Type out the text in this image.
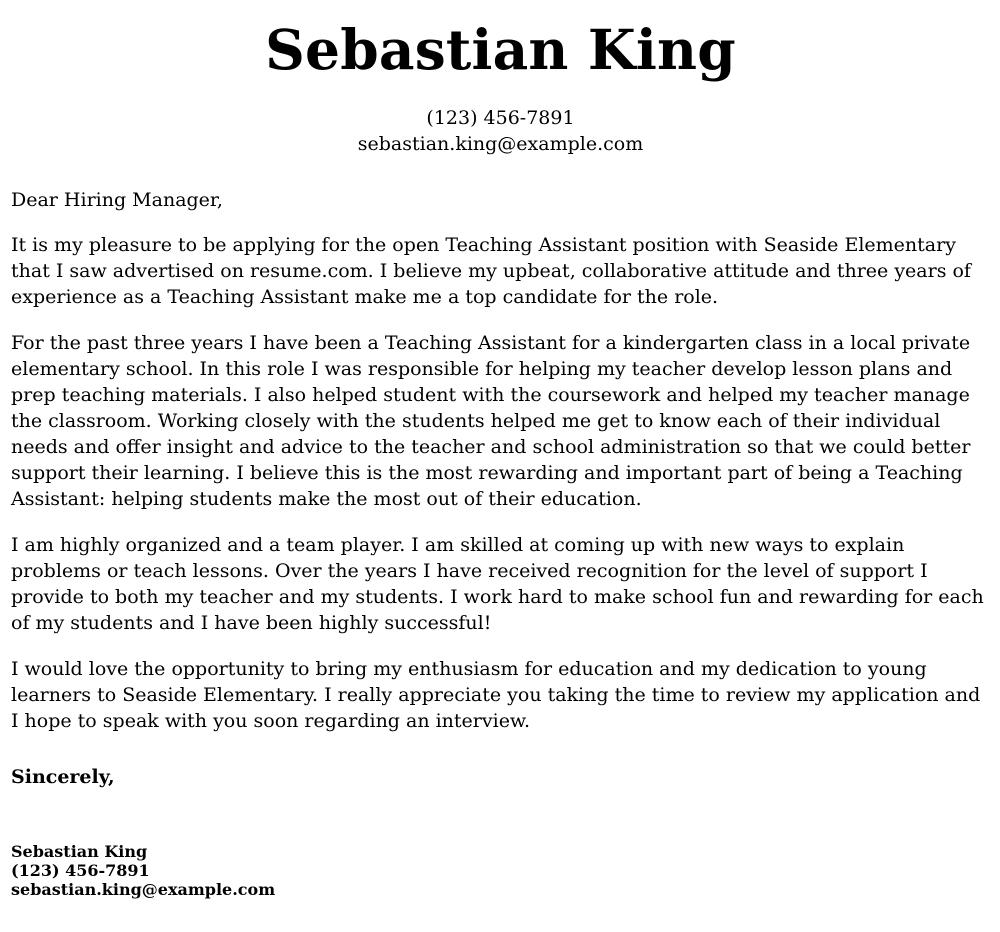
Sebastian King
(123) 456-7891
sebastian.king@example.com

Dear Hiring Manager,

It is my pleasure to be applying for the open Teaching Assistant position with Seaside Elementary that I saw advertised on resume.com. I believe my upbeat, collaborative attitude and three years of experience as a Teaching Assistant make me a top candidate for the role.

For the past three years I have been a Teaching Assistant for a kindergarten class in a local private elementary school. In this role I was responsible for helping my teacher develop lesson plans and prep teaching materials. I also helped student with the coursework and helped my teacher manage the classroom. Working closely with the students helped me get to know each of their individual needs and offer insight and advice to the teacher and school administration so that we could better support their learning. I believe this is the most rewarding and important part of being a Teaching Assistant: helping students make the most out of their education.

I am highly organized and a team player. I am skilled at coming up with new ways to explain problems or teach lessons. Over the years I have received recognition for the level of support I provide to both my teacher and my students. I work hard to make school fun and rewarding for each of my students and I have been highly successful!

I would love the opportunity to bring my enthusiasm for education and my dedication to young learners to Seaside Elementary. I really appreciate you taking the time to review my application and I hope to speak with you soon regarding an interview.

Sincerely,

Sebastian King
(123) 456-7891
sebastian.king@example.com
